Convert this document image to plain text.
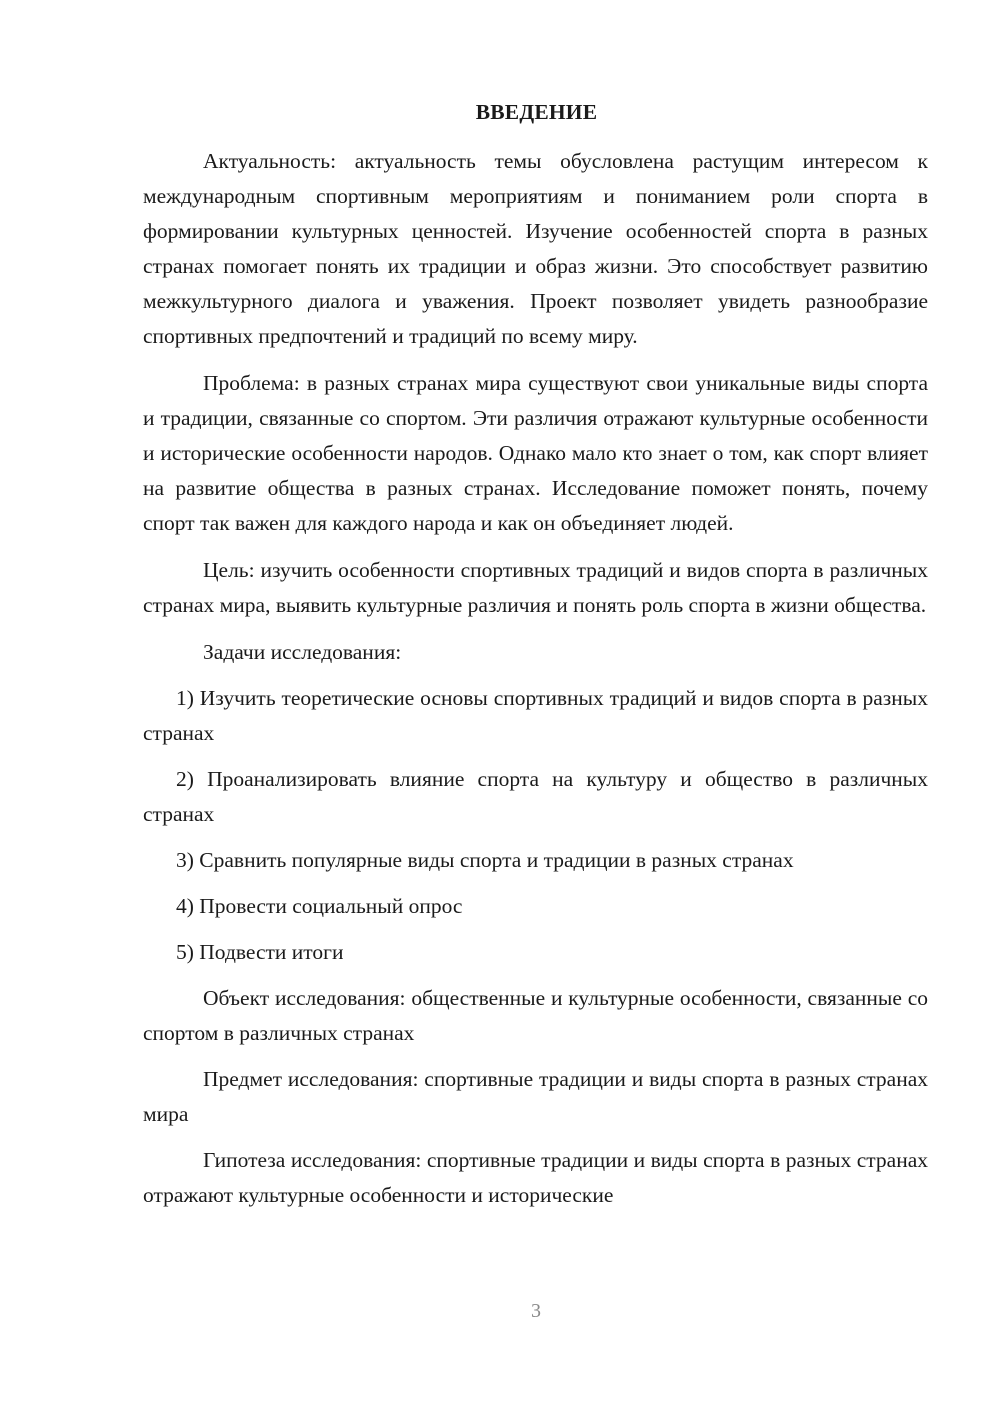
ВВЕДЕНИЕ

Актуальность: актуальность темы обусловлена растущим интересом к международным спортивным мероприятиям и пониманием роли спорта в формировании культурных ценностей. Изучение особенностей спорта в разных странах помогает понять их традиции и образ жизни. Это способствует развитию межкультурного диалога и уважения. Проект позволяет увидеть разнообразие спортивных предпочтений и традиций по всему миру.

Проблема: в разных странах мира существуют свои уникальные виды спорта и традиции, связанные со спортом. Эти различия отражают культурные особенности и исторические особенности народов. Однако мало кто знает о том, как спорт влияет на развитие общества в разных странах. Исследование поможет понять, почему спорт так важен для каждого народа и как он объединяет людей.

Цель: изучить особенности спортивных традиций и видов спорта в различных странах мира, выявить культурные различия и понять роль спорта в жизни общества.

Задачи исследования:

1) Изучить теоретические основы спортивных традиций и видов спорта в разных странах

2) Проанализировать влияние спорта на культуру и общество в различных странах

3) Сравнить популярные виды спорта и традиции в разных странах

4) Провести социальный опрос

5) Подвести итоги

Объект исследования: общественные и культурные особенности, связанные со спортом в различных странах

Предмет исследования: спортивные традиции и виды спорта в разных странах мира

Гипотеза исследования: спортивные традиции и виды спорта в разных странах отражают культурные особенности и исторические

3
